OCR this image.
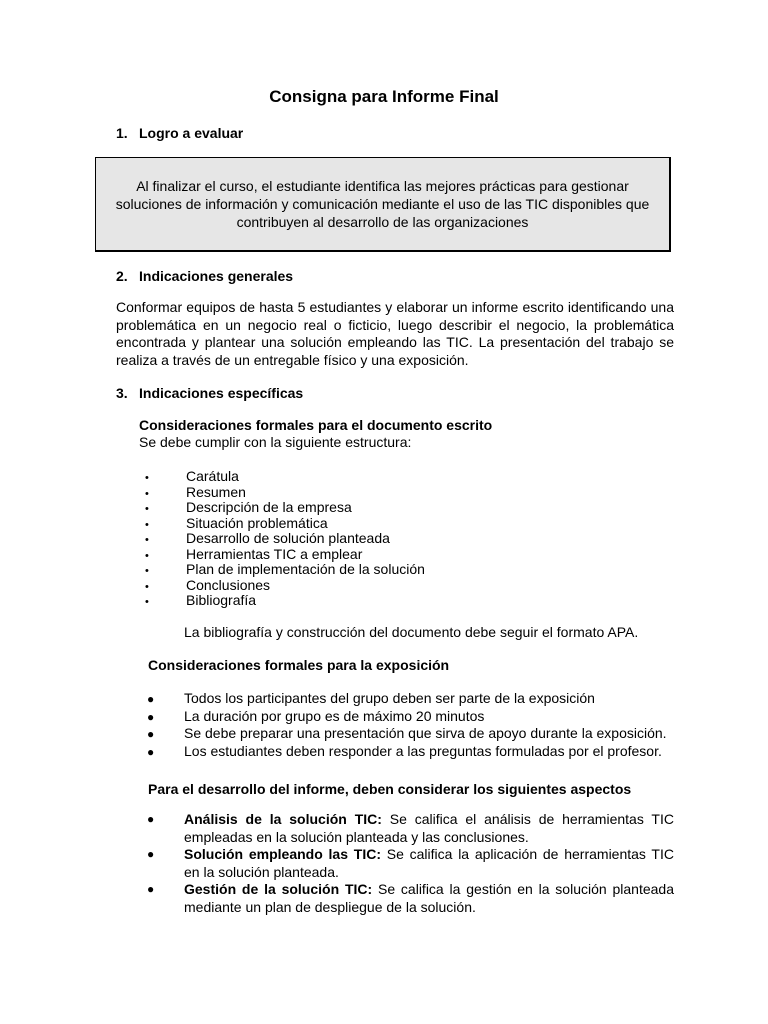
Consigna para Informe Final
1. Logro a evaluar
Al finalizar el curso, el estudiante identifica las mejores prácticas para gestionar soluciones de información y comunicación mediante el uso de las TIC disponibles que contribuyen al desarrollo de las organizaciones
2. Indicaciones generales
Conformar equipos de hasta 5 estudiantes y elaborar un informe escrito identificando una problemática en un negocio real o ficticio, luego describir el negocio, la problemática encontrada y plantear una solución empleando las TIC. La presentación del trabajo se realiza a través de un entregable físico y una exposición.
3. Indicaciones específicas
Consideraciones formales para el documento escrito
Se debe cumplir con la siguiente estructura:
•	Carátula
•	Resumen
•	Descripción de la empresa
•	Situación problemática
•	Desarrollo de solución planteada
•	Herramientas TIC a emplear
•	Plan de implementación de la solución
•	Conclusiones
•	Bibliografía
La bibliografía y construcción del documento debe seguir el formato APA.
Consideraciones formales para la exposición
● Todos los participantes del grupo deben ser parte de la exposición
● La duración por grupo es de máximo 20 minutos
● Se debe preparar una presentación que sirva de apoyo durante la exposición.
● Los estudiantes deben responder a las preguntas formuladas por el profesor.
Para el desarrollo del informe, deben considerar los siguientes aspectos
● Análisis de la solución TIC: Se califica el análisis de herramientas TIC empleadas en la solución planteada y las conclusiones.
● Solución empleando las TIC: Se califica la aplicación de herramientas TIC en la solución planteada.
● Gestión de la solución TIC: Se califica la gestión en la solución planteada mediante un plan de despliegue de la solución.
